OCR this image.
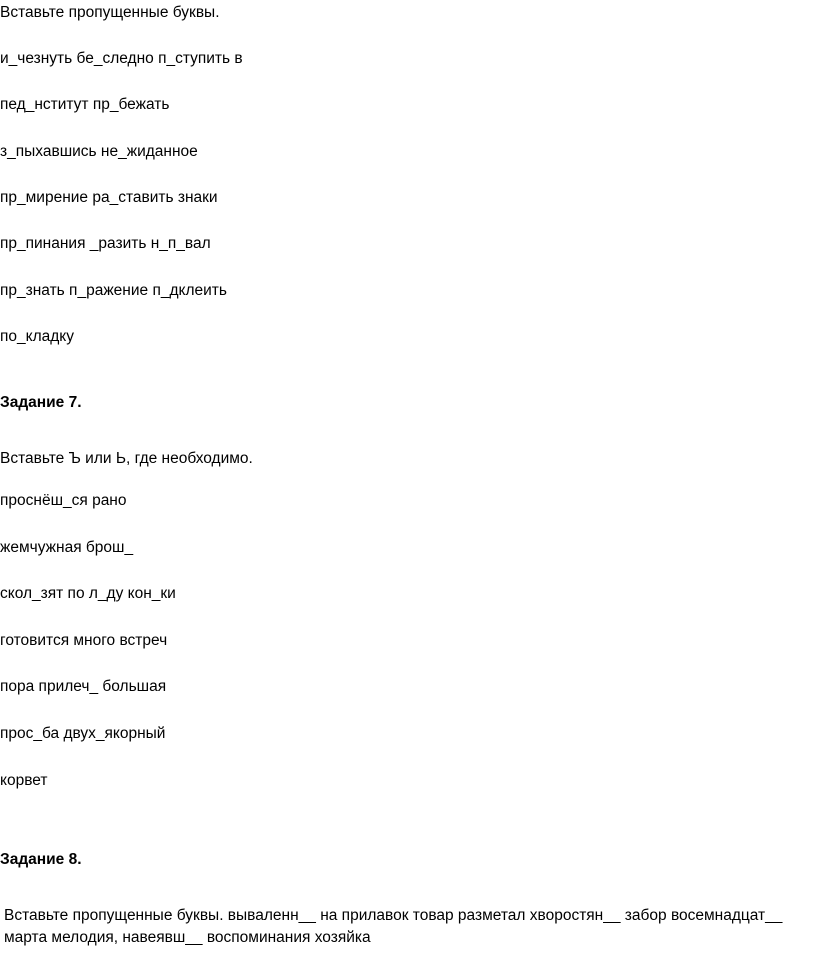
Вставьте пропущенные буквы.
и_чезнуть бе_следно п_ступить в
пед_нститут пр_бежать
з_пыхавшись не_жиданное
пр_мирение ра_ставить знаки
пр_пинания _разить н_п_вал
пр_знать п_ражение п_дклеить
по_кладку
Задание 7.
Вставьте Ъ или Ь, где необходимо.
проснёш_ся рано
жемчужная брош_
скол_зят по л_ду кон_ки
готовится много встреч
пора прилеч_ большая
прос_ба двух_якорный
корвет
Задание 8.
Вставьте пропущенные буквы. вываленн__ на прилавок товар разметал хворостян__ забор восемнадцат__ марта мелодия, навеявш__ воспоминания хозяйка
